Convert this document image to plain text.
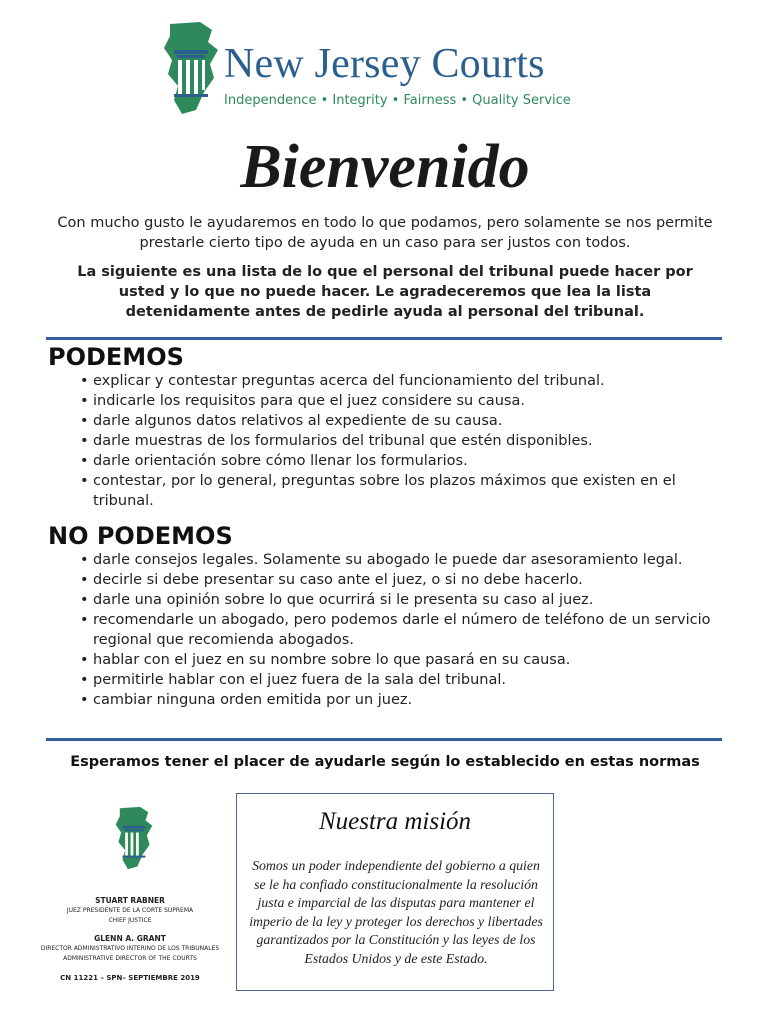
New Jersey Courts
Independence • Integrity • Fairness • Quality Service
Bienvenido
Con mucho gusto le ayudaremos en todo lo que podamos, pero solamente se nos permite prestarle cierto tipo de ayuda en un caso para ser justos con todos.
La siguiente es una lista de lo que el personal del tribunal puede hacer por usted y lo que no puede hacer. Le agradeceremos que lea la lista detenidamente antes de pedirle ayuda al personal del tribunal.
PODEMOS
• explicar y contestar preguntas acerca del funcionamiento del tribunal.
• indicarle los requisitos para que el juez considere su causa.
• darle algunos datos relativos al expediente de su causa.
• darle muestras de los formularios del tribunal que estén disponibles.
• darle orientación sobre cómo llenar los formularios.
• contestar, por lo general, preguntas sobre los plazos máximos que existen en el tribunal.
NO PODEMOS
• darle consejos legales. Solamente su abogado le puede dar asesoramiento legal.
• decirle si debe presentar su caso ante el juez, o si no debe hacerlo.
• darle una opinión sobre lo que ocurrirá si le presenta su caso al juez.
• recomendarle un abogado, pero podemos darle el número de teléfono de un servicio regional que recomienda abogados.
• hablar con el juez en su nombre sobre lo que pasará en su causa.
• permitirle hablar con el juez fuera de la sala del tribunal.
• cambiar ninguna orden emitida por un juez.
Esperamos tener el placer de ayudarle según lo establecido en estas normas
STUART RABNER
JUEZ PRESIDENTE DE LA CORTE SUPREMA
CHIEF JUSTICE
GLENN A. GRANT
DIRECTOR ADMINISTRATIVO INTERINO DE LOS TRIBUNALES
ADMINISTRATIVE DIRECTOR OF THE COURTS
CN 11221 – SPN– SEPTIEMBRE 2019
Nuestra misión
Somos un poder independiente del gobierno a quien se le ha confiado constitucionalmente la resolución justa e imparcial de las disputas para mantener el imperio de la ley y proteger los derechos y libertades garantizados por la Constitución y las leyes de los Estados Unidos y de este Estado.
